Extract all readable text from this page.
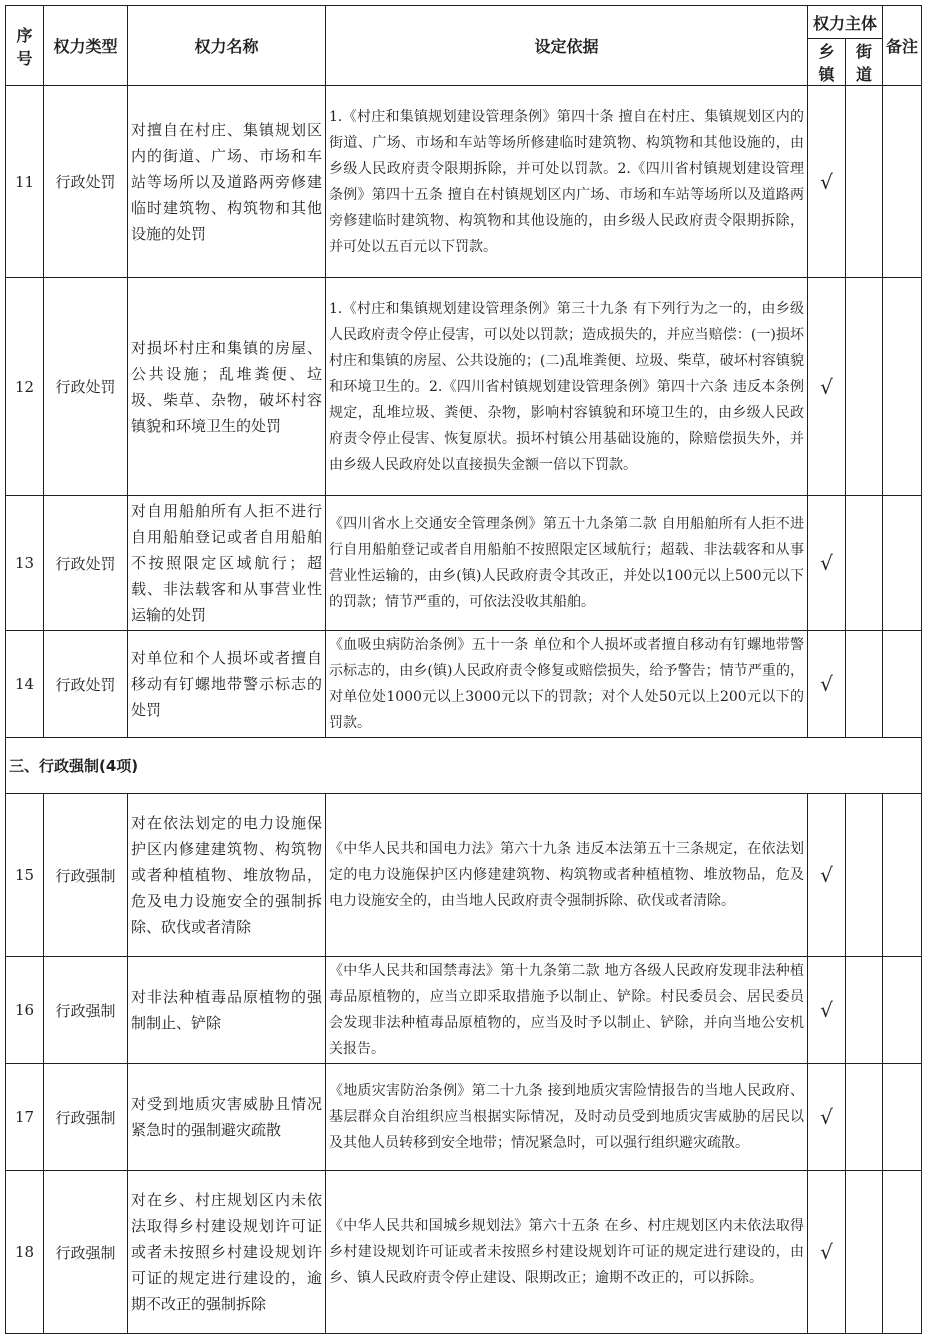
序号	权力类型	权力名称	设定依据	权力主体		备注
				乡镇	街道	
11	行政处罚	对擅自在村庄、集镇规划区内的街道、广场、市场和车站等场所以及道路两旁修建临时建筑物、构筑物和其他设施的处罚	1.《村庄和集镇规划建设管理条例》第四十条 擅自在村庄、集镇规划区内的街道、广场、市场和车站等场所修建临时建筑物、构筑物和其他设施的，由乡级人民政府责令限期拆除，并可处以罚款。2.《四川省村镇规划建设管理条例》第四十五条 擅自在村镇规划区内广场、市场和车站等场所以及道路两旁修建临时建筑物、构筑物和其他设施的，由乡级人民政府责令限期拆除，并可处以五百元以下罚款。	√		
12	行政处罚	对损坏村庄和集镇的房屋、公共设施；乱堆粪便、垃圾、柴草、杂物，破坏村容镇貌和环境卫生的处罚	1.《村庄和集镇规划建设管理条例》第三十九条 有下列行为之一的，由乡级人民政府责令停止侵害，可以处以罚款；造成损失的，并应当赔偿：(一)损坏村庄和集镇的房屋、公共设施的；(二)乱堆粪便、垃圾、柴草，破坏村容镇貌和环境卫生的。2.《四川省村镇规划建设管理条例》第四十六条 违反本条例规定，乱堆垃圾、粪便、杂物，影响村容镇貌和环境卫生的，由乡级人民政府责令停止侵害、恢复原状。损坏村镇公用基础设施的，除赔偿损失外，并由乡级人民政府处以直接损失金额一倍以下罚款。	√		
13	行政处罚	对自用船舶所有人拒不进行自用船舶登记或者自用船舶不按照限定区域航行；超载、非法载客和从事营业性运输的处罚	《四川省水上交通安全管理条例》第五十九条第二款 自用船舶所有人拒不进行自用船舶登记或者自用船舶不按照限定区域航行；超载、非法载客和从事营业性运输的，由乡(镇)人民政府责令其改正，并处以100元以上500元以下的罚款；情节严重的，可依法没收其船舶。	√		
14	行政处罚	对单位和个人损坏或者擅自移动有钉螺地带警示标志的处罚	《血吸虫病防治条例》五十一条 单位和个人损坏或者擅自移动有钉螺地带警示标志的，由乡(镇)人民政府责令修复或赔偿损失，给予警告；情节严重的，对单位处1000元以上3000元以下的罚款；对个人处50元以上200元以下的罚款。	√		
三、行政强制(4项)						
15	行政强制	对在依法划定的电力设施保护区内修建建筑物、构筑物或者种植植物、堆放物品，危及电力设施安全的强制拆除、砍伐或者清除	《中华人民共和国电力法》第六十九条 违反本法第五十三条规定，在依法划定的电力设施保护区内修建建筑物、构筑物或者种植植物、堆放物品，危及电力设施安全的，由当地人民政府责令强制拆除、砍伐或者清除。	√		
16	行政强制	对非法种植毒品原植物的强制制止、铲除	《中华人民共和国禁毒法》第十九条第二款 地方各级人民政府发现非法种植毒品原植物的，应当立即采取措施予以制止、铲除。村民委员会、居民委员会发现非法种植毒品原植物的，应当及时予以制止、铲除，并向当地公安机关报告。	√		
17	行政强制	对受到地质灾害威胁且情况紧急时的强制避灾疏散	《地质灾害防治条例》第二十九条 接到地质灾害险情报告的当地人民政府、基层群众自治组织应当根据实际情况，及时动员受到地质灾害威胁的居民以及其他人员转移到安全地带；情况紧急时，可以强行组织避灾疏散。	√		
18	行政强制	对在乡、村庄规划区内未依法取得乡村建设规划许可证或者未按照乡村建设规划许可证的规定进行建设的，逾期不改正的强制拆除	《中华人民共和国城乡规划法》第六十五条 在乡、村庄规划区内未依法取得乡村建设规划许可证或者未按照乡村建设规划许可证的规定进行建设的，由乡、镇人民政府责令停止建设、限期改正；逾期不改正的，可以拆除。	√		
